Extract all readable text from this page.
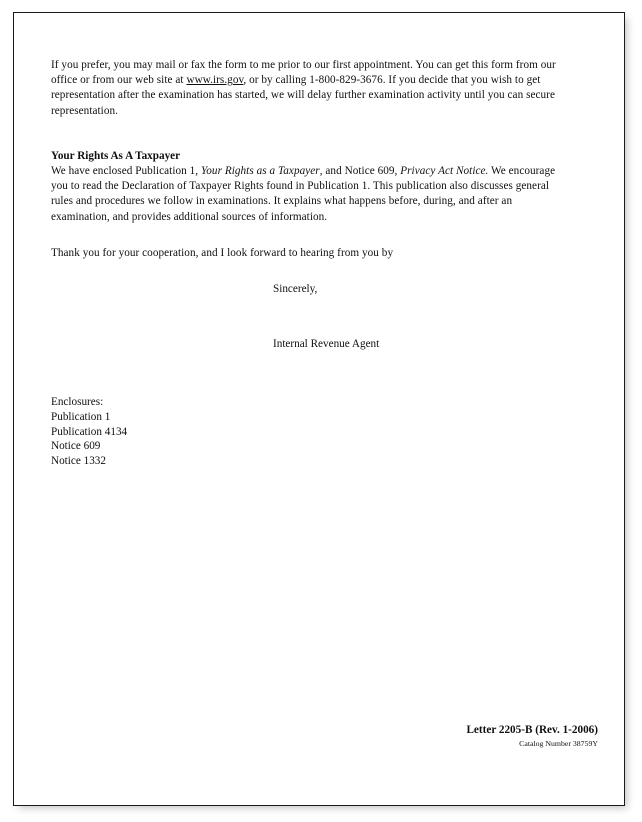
If you prefer, you may mail or fax the form to me prior to our first appointment. You can get this form from our office or from our web site at www.irs.gov, or by calling 1-800-829-3676. If you decide that you wish to get representation after the examination has started, we will delay further examination activity until you can secure representation.

Your Rights As A Taxpayer

We have enclosed Publication 1, Your Rights as a Taxpayer, and Notice 609, Privacy Act Notice. We encourage you to read the Declaration of Taxpayer Rights found in Publication 1. This publication also discusses general rules and procedures we follow in examinations. It explains what happens before, during, and after an examination, and provides additional sources of information.

Thank you for your cooperation, and I look forward to hearing from you by

Sincerely,
Internal Revenue Agent
Enclosures:
Publication 1
Publication 4134
Notice 609
Notice 1332
Letter 2205-B (Rev. 1-2006)
Catalog Number 38759Y
